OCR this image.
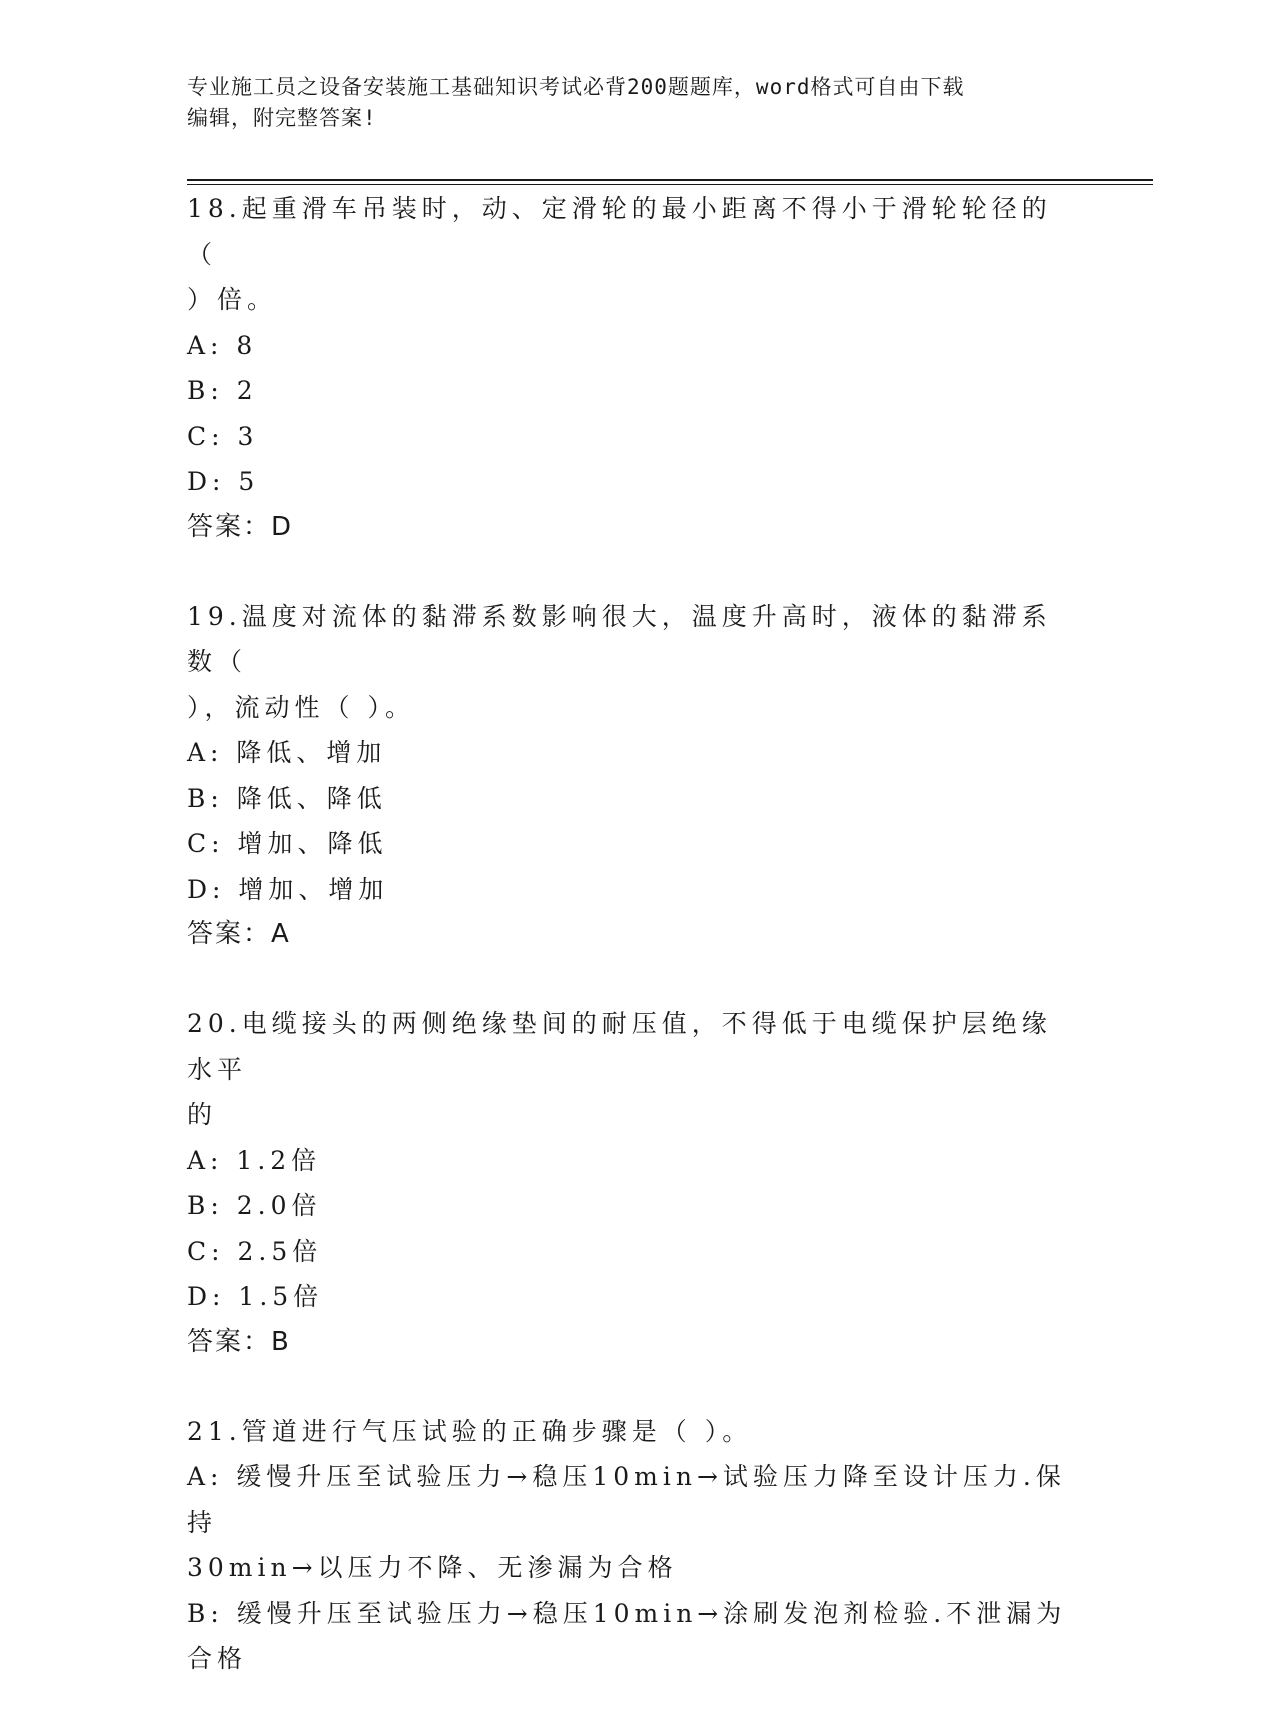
专业施工员之设备安装施工基础知识考试必背200题题库，word格式可自由下载
编辑，附完整答案!
18.起重滑车吊装时，动、定滑轮的最小距离不得小于滑轮轮径的（
）倍。
A: 8
B: 2
C: 3
D: 5
答案：D
19.温度对流体的黏滞系数影响很大，温度升高时，液体的黏滞系数（
），流动性（ ）。
A: 降低、增加
B: 降低、降低
C: 增加、降低
D: 增加、增加
答案：A
20.电缆接头的两侧绝缘垫间的耐压值，不得低于电缆保护层绝缘水平
的
A: 1.2倍
B: 2.0倍
C: 2.5倍
D: 1.5倍
答案：B
21.管道进行气压试验的正确步骤是（ ）。
A: 缓慢升压至试验压力→稳压10min→试验压力降至设计压力.保持
30min→以压力不降、无渗漏为合格
B: 缓慢升压至试验压力→稳压10min→涂刷发泡剂检验.不泄漏为合格
